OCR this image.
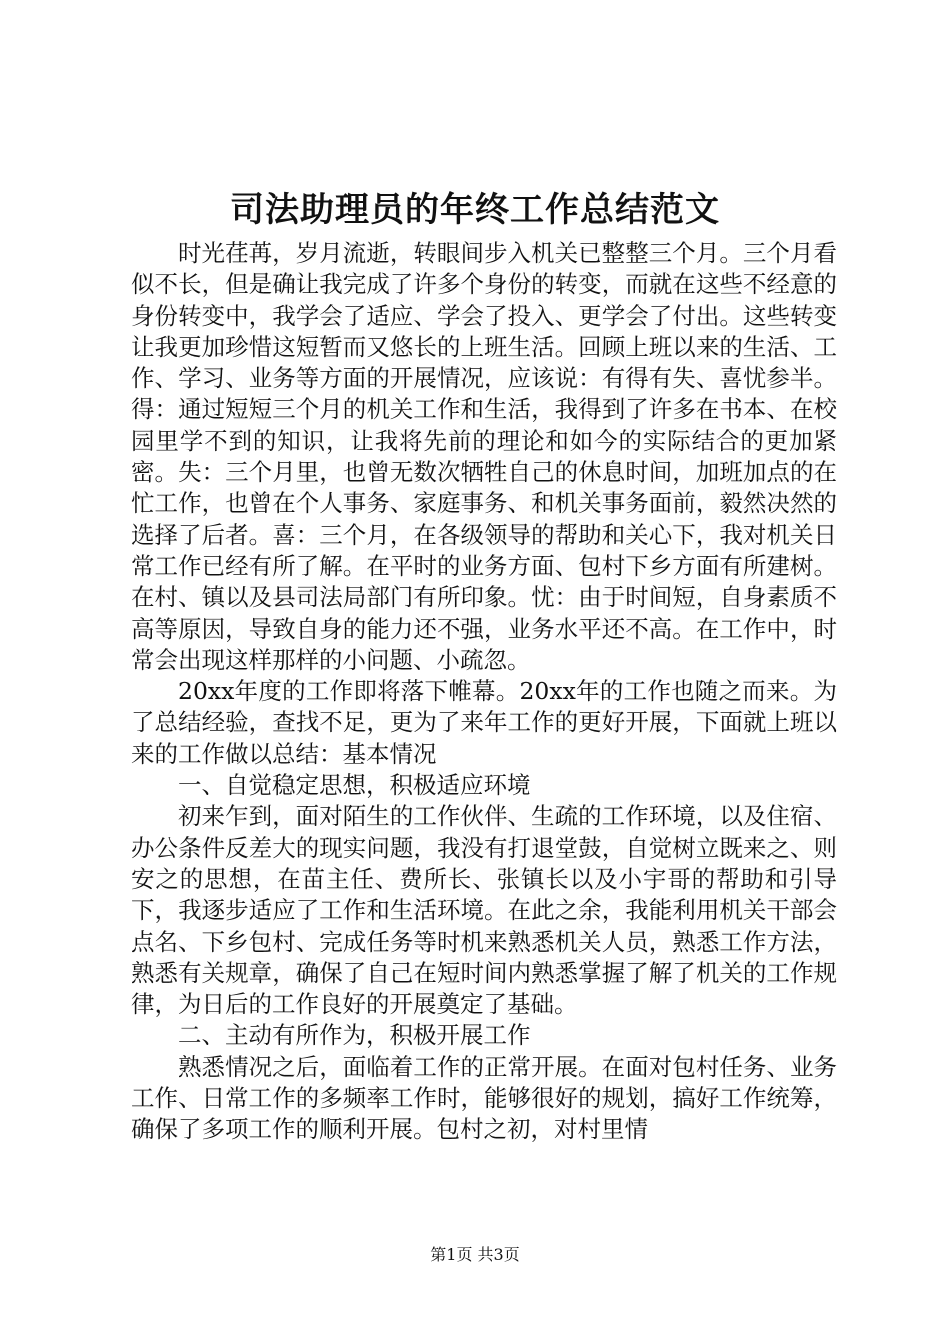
司法助理员的年终工作总结范文

时光荏苒，岁月流逝，转眼间步入机关已整整三个月。三个月看似不长，但是确让我完成了许多个身份的转变，而就在这些不经意的身份转变中，我学会了适应、学会了投入、更学会了付出。这些转变让我更加珍惜这短暂而又悠长的上班生活。回顾上班以来的生活、工作、学习、业务等方面的开展情况，应该说：有得有失、喜忧参半。得：通过短短三个月的机关工作和生活，我得到了许多在书本、在校园里学不到的知识，让我将先前的理论和如今的实际结合的更加紧密。失：三个月里，也曾无数次牺牲自己的休息时间，加班加点的在忙工作，也曾在个人事务、家庭事务、和机关事务面前，毅然决然的选择了后者。喜：三个月，在各级领导的帮助和关心下，我对机关日常工作已经有所了解。在平时的业务方面、包村下乡方面有所建树。在村、镇以及县司法局部门有所印象。忧：由于时间短，自身素质不高等原因，导致自身的能力还不强，业务水平还不高。在工作中，时常会出现这样那样的小问题、小疏忽。

20xx年度的工作即将落下帷幕。20xx年的工作也随之而来。为了总结经验，查找不足，更为了来年工作的更好开展，下面就上班以来的工作做以总结：基本情况

一、自觉稳定思想，积极适应环境

初来乍到，面对陌生的工作伙伴、生疏的工作环境，以及住宿、办公条件反差大的现实问题，我没有打退堂鼓，自觉树立既来之、则安之的思想，在苗主任、费所长、张镇长以及小宇哥的帮助和引导下，我逐步适应了工作和生活环境。在此之余，我能利用机关干部会点名、下乡包村、完成任务等时机来熟悉机关人员，熟悉工作方法，熟悉有关规章，确保了自己在短时间内熟悉掌握了解了机关的工作规律，为日后的工作良好的开展奠定了基础。

二、主动有所作为，积极开展工作

熟悉情况之后，面临着工作的正常开展。在面对包村任务、业务工作、日常工作的多频率工作时，能够很好的规划，搞好工作统筹，确保了多项工作的顺利开展。包村之初，对村里情

第1页 共3页
